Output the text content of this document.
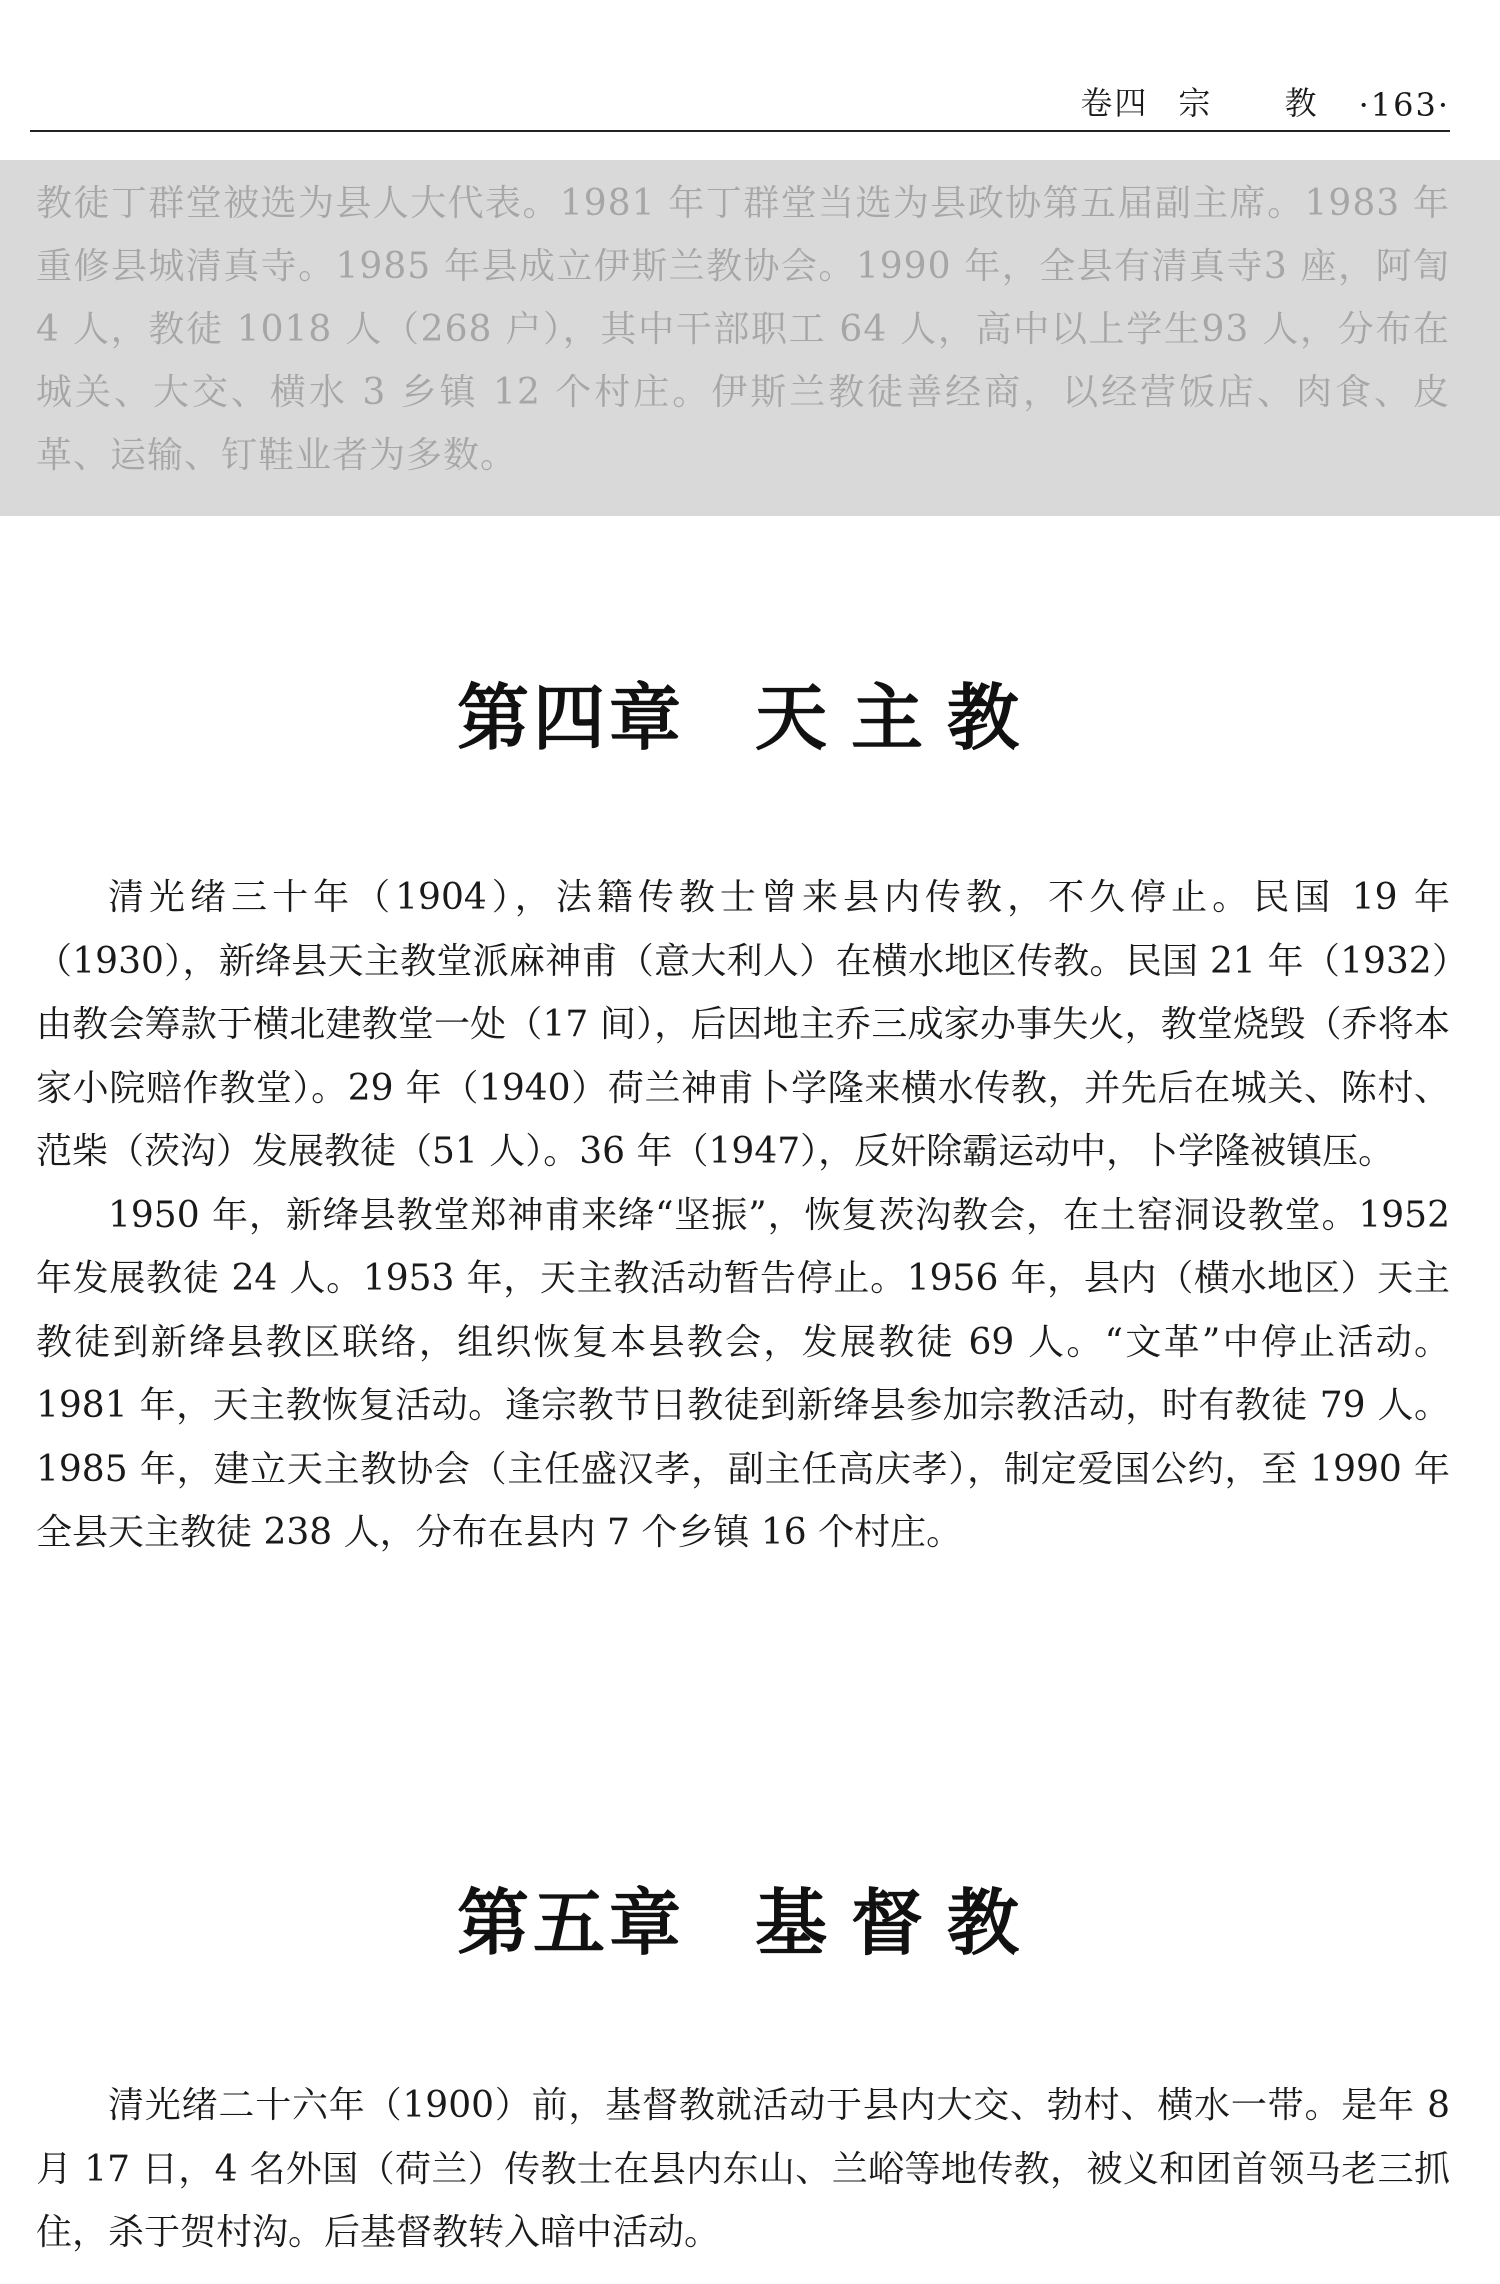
卷四 宗 教 ·163·
教徒丁群堂被选为县人大代表。1981 年丁群堂当选为县政协第五届副主席。1983 年重修县城清真寺。1985 年县成立伊斯兰教协会。1990 年，全县有清真寺3 座，阿訇 4 人，教徒 1018 人（268 户），其中干部职工 64 人，高中以上学生93 人，分布在城关、大交、横水 3 乡镇 12 个村庄。伊斯兰教徒善经商，以经营饭店、肉食、皮革、运输、钉鞋业者为多数。
第四章 天主教

清光绪三十年（1904），法籍传教士曾来县内传教，不久停止。民国 19 年（1930），新绛县天主教堂派麻神甫（意大利人）在横水地区传教。民国 21 年（1932）由教会筹款于横北建教堂一处（17 间），后因地主乔三成家办事失火，教堂烧毁（乔将本家小院赔作教堂）。29 年（1940）荷兰神甫卜学隆来横水传教，并先后在城关、陈村、范柴（茨沟）发展教徒（51 人）。36 年（1947），反奸除霸运动中，卜学隆被镇压。

1950 年，新绛县教堂郑神甫来绛“坚振”，恢复茨沟教会，在土窑洞设教堂。1952 年发展教徒 24 人。1953 年，天主教活动暂告停止。1956 年，县内（横水地区）天主教徒到新绛县教区联络，组织恢复本县教会，发展教徒 69 人。“文革”中停止活动。1981 年，天主教恢复活动。逢宗教节日教徒到新绛县参加宗教活动，时有教徒 79 人。1985 年，建立天主教协会（主任盛汉孝，副主任高庆孝），制定爱国公约，至 1990 年全县天主教徒 238 人，分布在县内 7 个乡镇 16 个村庄。

第五章 基督教

清光绪二十六年（1900）前，基督教就活动于县内大交、勃村、横水一带。是年 8 月 17 日，4 名外国（荷兰）传教士在县内东山、兰峪等地传教，被义和团首领马老三抓住，杀于贺村沟。后基督教转入暗中活动。
